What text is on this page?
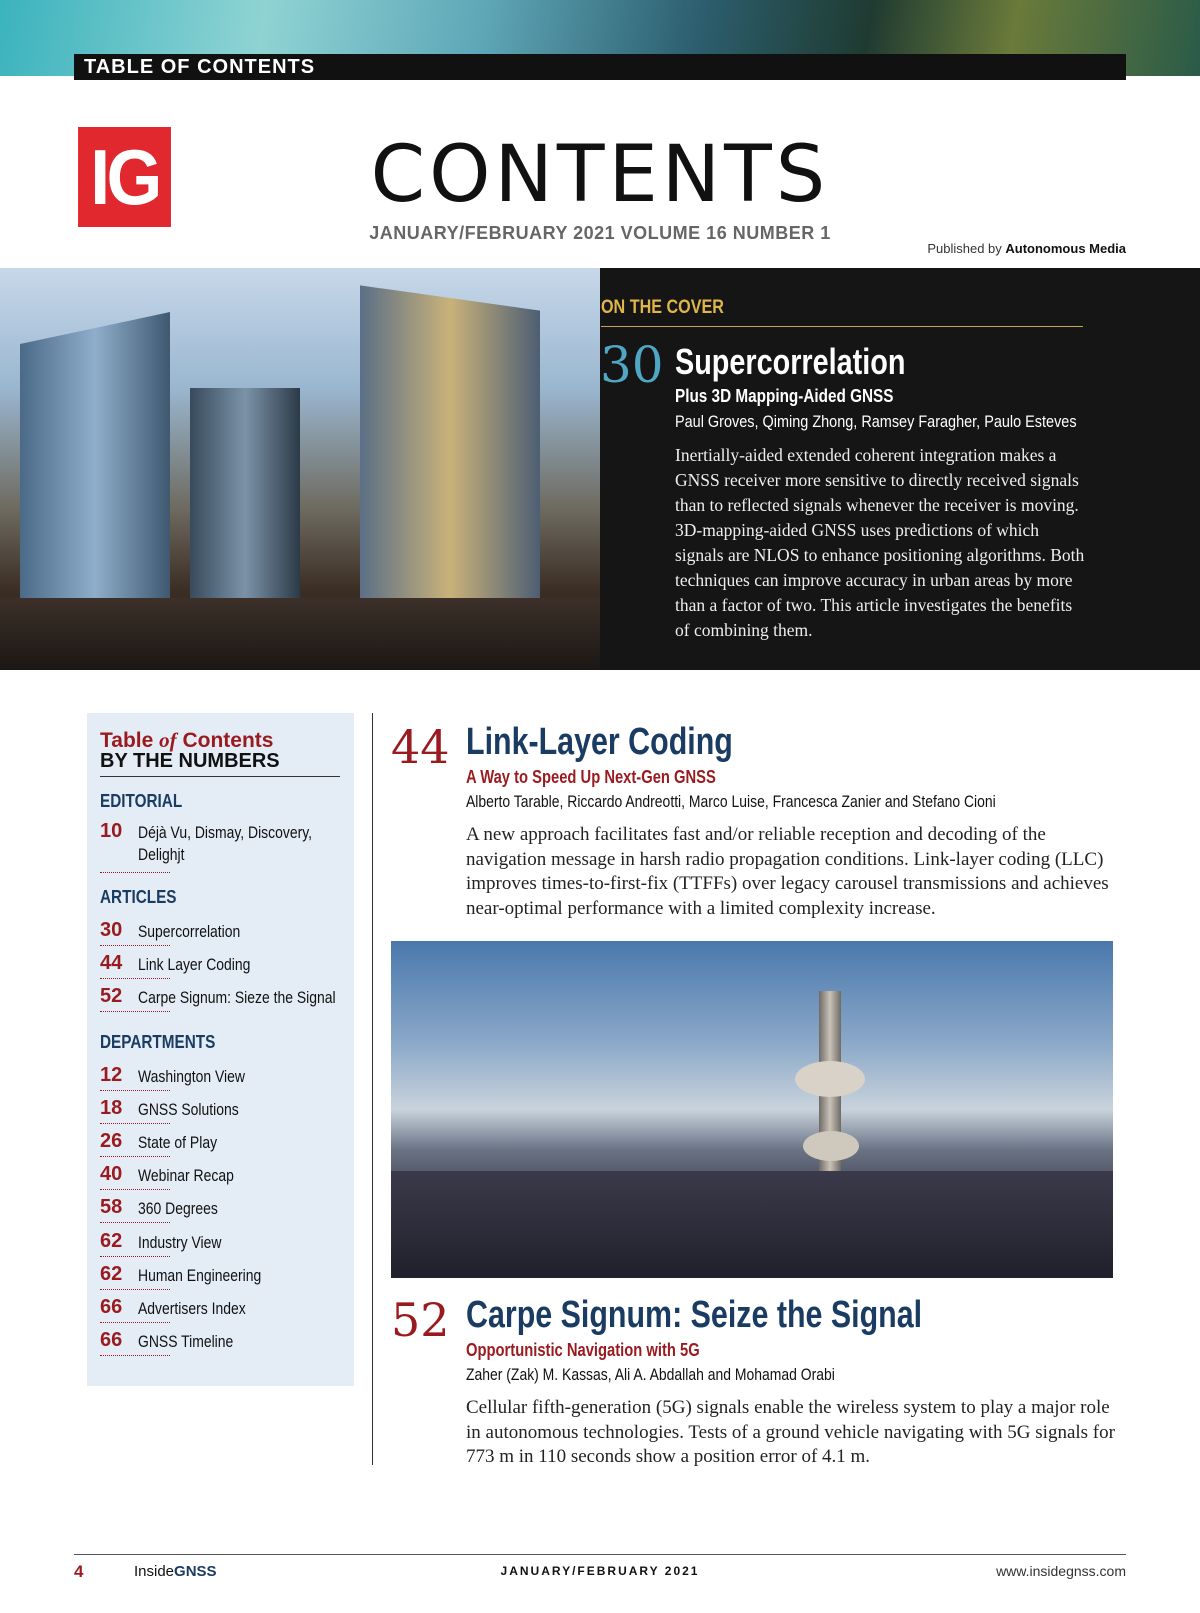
TABLE OF CONTENTS
IG	CONTENTS
JANUARY/FEBRUARY 2021 VOLUME 16 NUMBER 1
Published by Autonomous Media
ON THE COVER
30 Supercorrelation
Plus 3D Mapping-Aided GNSS
Paul Groves, Qiming Zhong, Ramsey Faragher, Paulo Esteves
Inertially-aided extended coherent integration makes a GNSS receiver more sensitive to directly received signals than to reflected signals whenever the receiver is moving. 3D-mapping-aided GNSS uses predictions of which signals are NLOS to enhance positioning algorithms. Both techniques can improve accuracy in urban areas by more than a factor of two. This article investigates the benefits of combining them.
Table of Contents
BY THE NUMBERS
EDITORIAL
10 Déjà Vu, Dismay, Discovery,
Delighjt
ARTICLES
30 Supercorrelation
44 Link Layer Coding
52 Carpe Signum: Sieze the Signal
DEPARTMENTS
12 Washington View
18 GNSS Solutions
26 State of Play
40 Webinar Recap
58 360 Degrees
62 Industry View
62 Human Engineering
66 Advertisers Index
66 GNSS Timeline
44 Link-Layer Coding
A Way to Speed Up Next-Gen GNSS
Alberto Tarable, Riccardo Andreotti, Marco Luise, Francesca Zanier and Stefano Cioni
A new approach facilitates fast and/or reliable reception and decoding of the navigation message in harsh radio propagation conditions. Link-layer coding (LLC) improves times-to-first-fix (TTFFs) over legacy carousel transmissions and achieves near-optimal performance with a limited complexity increase.
52 Carpe Signum: Seize the Signal
Opportunistic Navigation with 5G
Zaher (Zak) M. Kassas, Ali A. Abdallah and Mohamad Orabi
Cellular fifth-generation (5G) signals enable the wireless system to play a major role in autonomous technologies. Tests of a ground vehicle navigating with 5G signals for 773 m in 110 seconds show a position error of 4.1 m.
4	InsideGNSS	JANUARY/FEBRUARY 2021	www.insidegnss.com
